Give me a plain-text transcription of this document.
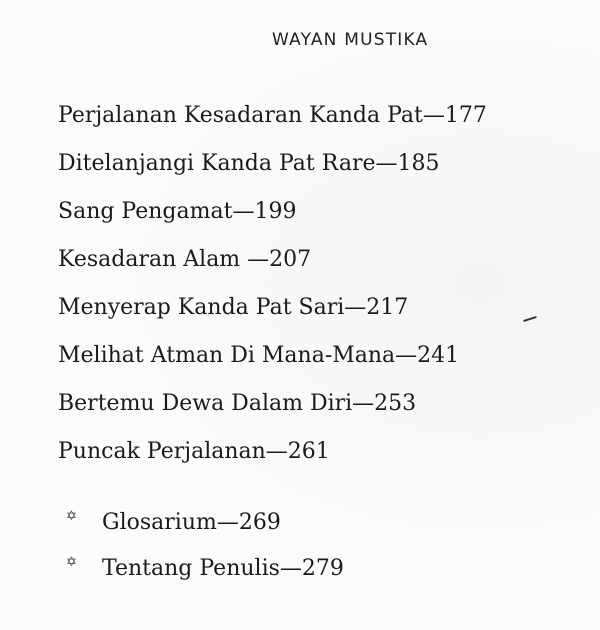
WAYAN MUSTIKA
Perjalanan Kesadaran Kanda Pat—177
Ditelanjangi Kanda Pat Rare—185
Sang Pengamat—199
Kesadaran Alam —207
Menyerap Kanda Pat Sari—217
Melihat Atman Di Mana-Mana—241
Bertemu Dewa Dalam Diri—253
Puncak Perjalanan—261
✡ Glosarium—269
✡ Tentang Penulis—279
